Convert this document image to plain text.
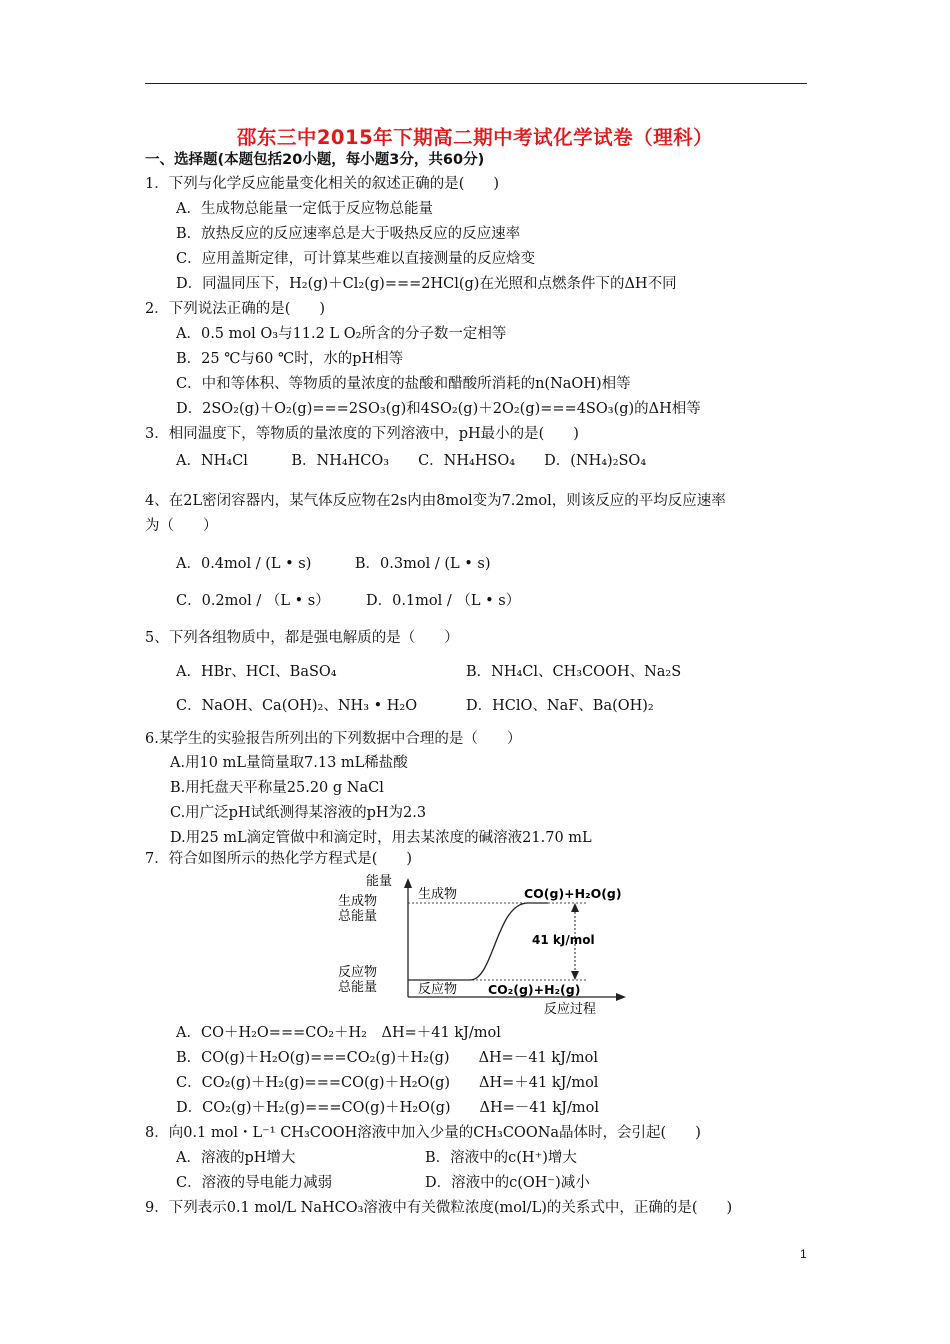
邵东三中2015年下期高二期中考试化学试卷（理科）
一、选择题(本题包括20小题，每小题3分，共60分)
1．下列与化学反应能量变化相关的叙述正确的是(　　)
A．生成物总能量一定低于反应物总能量
B．放热反应的反应速率总是大于吸热反应的反应速率
C．应用盖斯定律，可计算某些难以直接测量的反应焓变
D．同温同压下，H₂(g)＋Cl₂(g)===2HCl(g)在光照和点燃条件下的ΔH不同
2．下列说法正确的是(　　)
A．0.5 mol O₃与11.2 L O₂所含的分子数一定相等
B．25 ℃与60 ℃时，水的pH相等
C．中和等体积、等物质的量浓度的盐酸和醋酸所消耗的n(NaOH)相等
D．2SO₂(g)＋O₂(g)===2SO₃(g)和4SO₂(g)＋2O₂(g)===4SO₃(g)的ΔH相等
3．相同温度下，等物质的量浓度的下列溶液中，pH最小的是(　　)
A．NH₄Cl　　　B．NH₄HCO₃　　C．NH₄HSO₄　　D．(NH₄)₂SO₄
4、在2L密闭容器内，某气体反应物在2s内由8mol变为7.2mol，则该反应的平均反应速率
为（　　）
A．0.4mol / (L • s)　　　B．0.3mol / (L • s)
C．0.2mol / （L • s）　　　D．0.1mol / （L • s）
5、下列各组物质中，都是强电解质的是（　　）
A．HBr、HCI、BaSO₄	B．NH₄Cl、CH₃COOH、Na₂S
C．NaOH、Ca(OH)₂、NH₃ • H₂O	D．HClO、NaF、Ba(OH)₂
6.某学生的实验报告所列出的下列数据中合理的是（　　）
A.用10 mL量筒量取7.13 mL稀盐酸
B.用托盘天平称量25.20 g NaCl
C.用广泛pH试纸测得某溶液的pH为2.3
D.用25 mL滴定管做中和滴定时，用去某浓度的碱溶液21.70 mL
7．符合如图所示的热化学方程式是(　　)
能量
生成物
总能量
反应物
总能量
生成物	CO(g)+H₂O(g)
反应物 CO₂(g)+H₂(g)
41 kJ/mol
反应过程
A．CO＋H₂O===CO₂＋H₂　ΔH=＋41 kJ/mol
B．CO(g)＋H₂O(g)===CO₂(g)＋H₂(g)　　ΔH=－41 kJ/mol
C．CO₂(g)＋H₂(g)===CO(g)＋H₂O(g)　　ΔH=＋41 kJ/mol
D．CO₂(g)＋H₂(g)===CO(g)＋H₂O(g)　　ΔH=－41 kJ/mol
8．向0.1 mol・L⁻¹ CH₃COOH溶液中加入少量的CH₃COONa晶体时，会引起(　　)
A．溶液的pH增大	B．溶液中的c(H⁺)增大
C．溶液的导电能力减弱	D．溶液中的c(OH⁻)减小
9．下列表示0.1 mol/L NaHCO₃溶液中有关微粒浓度(mol/L)的关系式中，正确的是(　　)
1
